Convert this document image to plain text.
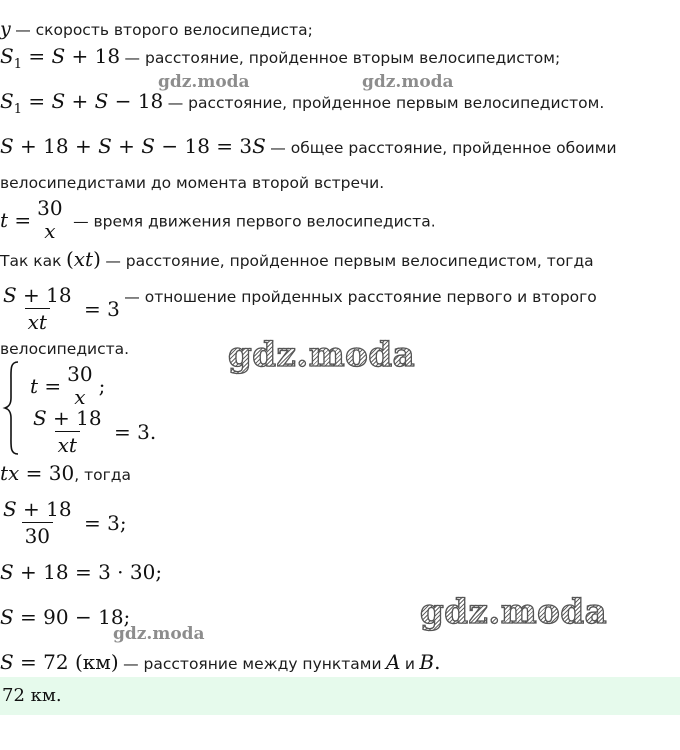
y — скорость второго велосипедиста;
$S_1 = S + 18$ — расстояние, пройденное вторым велосипедистом;
gdz.moda	gdz.moda
$S_1 = S + S - 18$ — расстояние, пройденное первым велосипедистом.
S + 18 + S + S − 18 = 3S — общее расстояние, пройденное обоими
велосипедистами до момента второй встречи.
t = 30
x — время движения первого велосипедиста.
Так как (xt) — расстояние, пройденное первым велосипедистом, тогда
$\frac{S + 18}{xt} = 3$ — отношение пройденных расстояние первого и второго
велосипедиста.	gdz.moda
t = 30
x ;
$\frac{S + 18}{xt} = 3$.
tx = 30, тогда
$\frac{S + 18}{30} = 3$;
S + 18 = 3 · 30;
S = 90 − 18;	gdz.moda
gdz.moda
S = 72 (км) — расстояние между пунктами A и B.
72 км.
